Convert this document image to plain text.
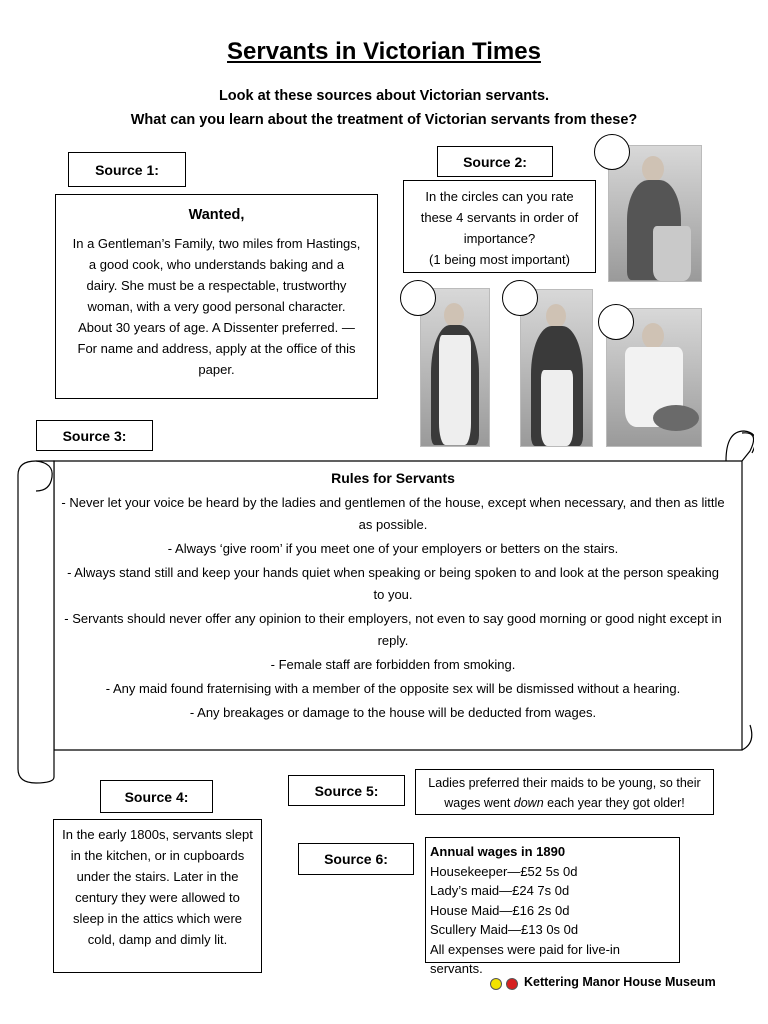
Servants in Victorian Times
Look at these sources about Victorian servants.
What can you learn about the treatment of Victorian servants from these?
Source 1:
Wanted,
In a Gentleman’s Family, two miles from Hastings, a good cook, who understands baking and a dairy. She must be a respectable, trustworthy woman, with a very good personal character. About 30 years of age. A Dissenter preferred. —For name and address, apply at the office of this paper.
Source 2:
In the circles can you rate these 4 servants in order of importance?
(1 being most important)
Source 3:
Rules for Servants
- Never let your voice be heard by the ladies and gentlemen of the house, except when necessary, and then as little as possible.
- Always ‘give room’ if you meet one of your employers or betters on the stairs.
- Always stand still and keep your hands quiet when speaking or being spoken to and look at the person speaking to you.
- Servants should never offer any opinion to their employers, not even to say good morning or good night except in reply.
- Female staff are forbidden from smoking.
- Any maid found fraternising with a member of the opposite sex will be dismissed without a hearing.
- Any breakages or damage to the house will be deducted from wages.
Source 4:
In the early 1800s, servants slept in the kitchen, or in cupboards under the stairs. Later in the century they were allowed to sleep in the attics which were cold, damp and dimly lit.
Source 5:	Ladies preferred their maids to be young, so their wages went down each year they got older!
Source 6:	Annual wages in 1890
Housekeeper—£52 5s 0d
Lady’s maid—£24 7s 0d
House Maid—£16 2s 0d
Scullery Maid—£13 0s 0d
All expenses were paid for live-in servants.
Kettering Manor House Museum
